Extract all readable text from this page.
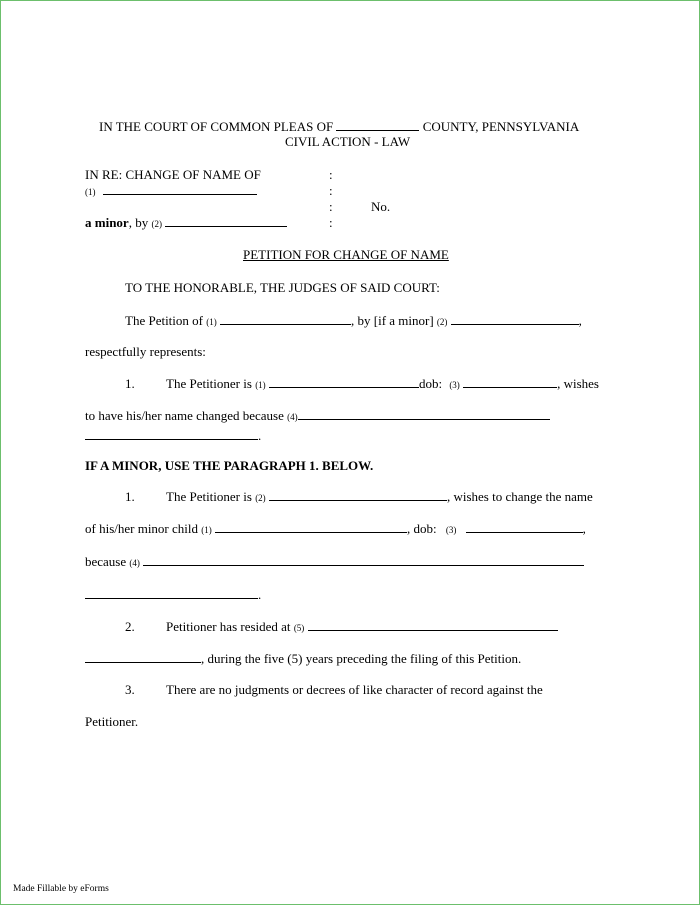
IN THE COURT OF COMMON PLEAS OF	COUNTY, PENNSYLVANIA
CIVIL ACTION - LAW
IN RE: CHANGE OF NAME OF	:
(1)	:
:	No.
a minor, by (2)	:
PETITION FOR CHANGE OF NAME
TO THE HONORABLE, THE JUDGES OF SAID COURT:
The Petition of (1)	, by [if a minor] (2)	,
respectfully represents:
1. The Petitioner is (1)	dob: (3)	, wishes
to have his/her name changed because (4)
.
IF A MINOR, USE THE PARAGRAPH 1. BELOW.
1. The Petitioner is (2)	, wishes to change the name
of his/her minor child (1)	, dob: (3)	,
because (4)
.
2. Petitioner has resided at (5)
, during the five (5) years preceding the filing of this Petition.
3. There are no judgments or decrees of like character of record against the
Petitioner.
Made Fillable by eForms
